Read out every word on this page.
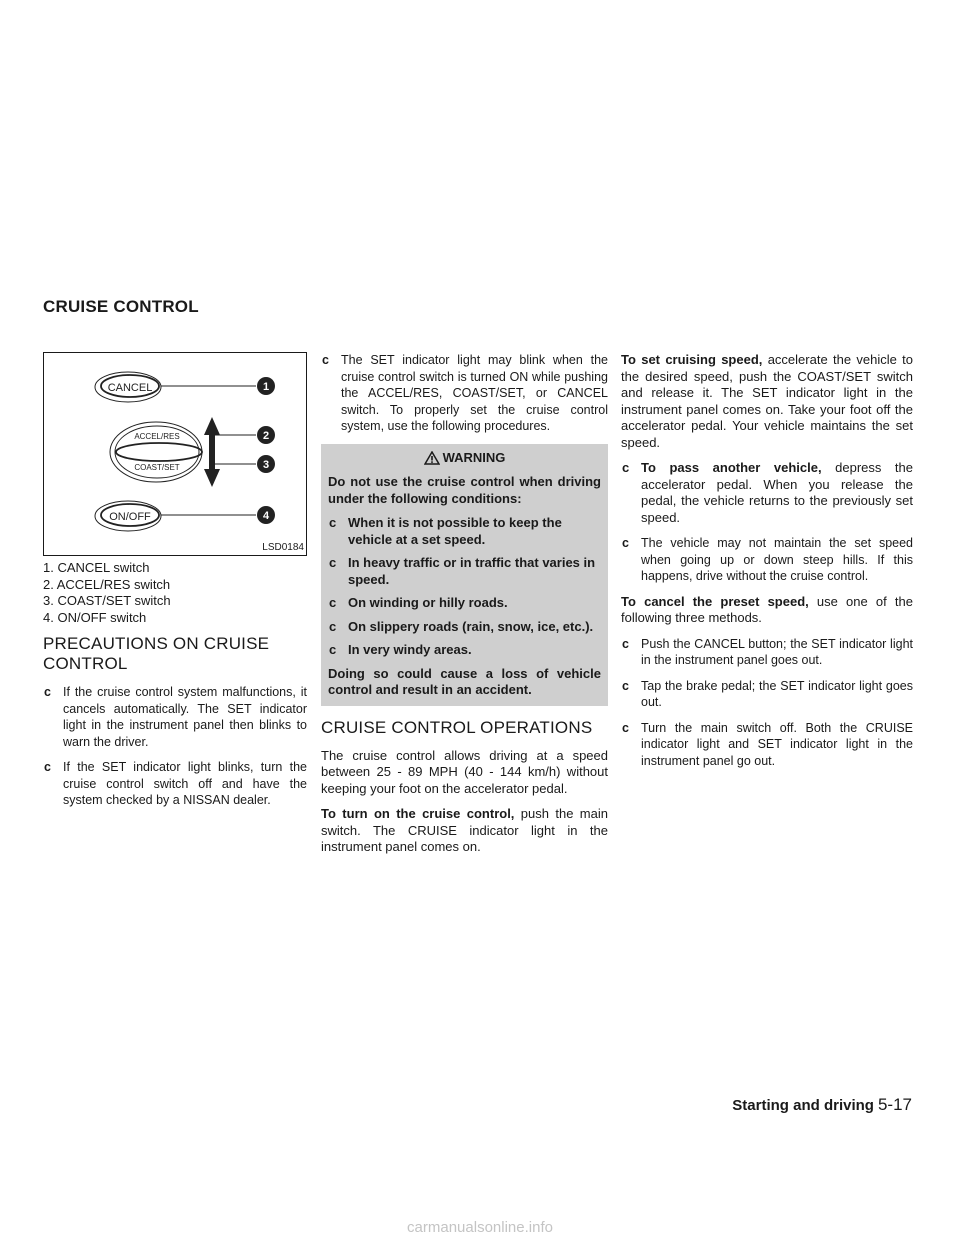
CRUISE CONTROL
CANCEL	1
ACCEL/RES
COAST/SET
2
3
ON/OFF	4
LSD0184

1. CANCEL switch

2. ACCEL/RES switch

3. COAST/SET switch

4. ON/OFF switch

PRECAUTIONS ON CRUISE CONTROL
c If the cruise control system malfunctions, it cancels automatically. The SET indicator light in the instrument panel then blinks to warn the driver.
c If the SET indicator light blinks, turn the cruise control switch off and have the system checked by a NISSAN dealer.
c The SET indicator light may blink when the cruise control switch is turned ON while pushing the ACCEL/RES, COAST/SET, or CANCEL switch. To properly set the cruise control system, use the following procedures.
WARNING

Do not use the cruise control when driving under the following conditions:

c When it is not possible to keep the vehicle at a set speed.
c In heavy traffic or in traffic that varies in speed.
c On winding or hilly roads.
c On slippery roads (rain, snow, ice, etc.).
c In very windy areas.

Doing so could cause a loss of vehicle control and result in an accident.

CRUISE CONTROL OPERATIONS

The cruise control allows driving at a speed between 25 - 89 MPH (40 - 144 km/h) without keeping your foot on the accelerator pedal.

To turn on the cruise control, push the main switch. The CRUISE indicator light in the instrument panel comes on.

To set cruising speed, accelerate the vehicle to the desired speed, push the COAST/SET switch and release it. The SET indicator light in the instrument panel comes on. Take your foot off the accelerator pedal. Your vehicle maintains the set speed.

c To pass another vehicle, depress the accelerator pedal. When you release the pedal, the vehicle returns to the previously set speed.
c The vehicle may not maintain the set speed when going up or down steep hills. If this happens, drive without the cruise control.

To cancel the preset speed, use one of the following three methods.

c Push the CANCEL button; the SET indicator light in the instrument panel goes out.
c Tap the brake pedal; the SET indicator light goes out.
c Turn the main switch off. Both the CRUISE indicator light and SET indicator light in the instrument panel go out.
Starting and driving 5-17
carmanualsonline.info
